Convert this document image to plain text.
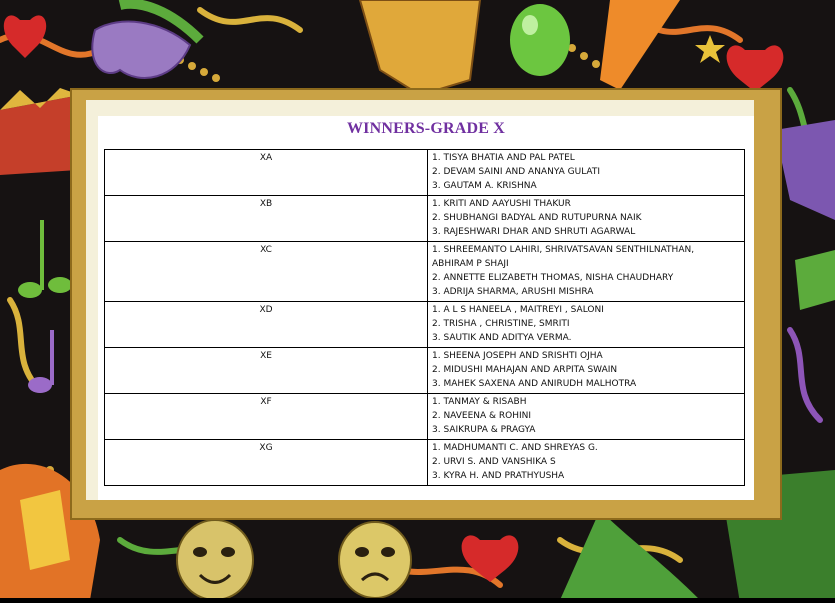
WINNERS-GRADE X
XA	1. TISYA BHATIA AND PAL PATEL
2. DEVAM SAINI AND ANANYA GULATI
3. GAUTAM A. KRISHNA

XB	1. KRITI AND AAYUSHI THAKUR
2. SHUBHANGI BADYAL AND RUTUPURNA NAIK
3. RAJESHWARI DHAR AND SHRUTI AGARWAL

XC	1. SHREEMANTO LAHIRI, SHRIVATSAVAN SENTHILNATHAN,
ABHIRAM P SHAJI
2. ANNETTE ELIZABETH THOMAS, NISHA CHAUDHARY
3. ADRIJA SHARMA, ARUSHI MISHRA

XD	1. A L S HANEELA , MAITREYI , SALONI
2. TRISHA , CHRISTINE, SMRITI
3. SAUTIK AND ADITYA VERMA.

XE	1. SHEENA JOSEPH AND SRISHTI OJHA
2. MIDUSHI MAHAJAN AND ARPITA SWAIN
3. MAHEK SAXENA AND ANIRUDH MALHOTRA

XF	1. TANMAY & RISABH
2. NAVEENA & ROHINI
3. SAIKRUPA & PRAGYA

XG	1. MADHUMANTI C. AND SHREYAS G.
2. URVI S. AND VANSHIKA S
3. KYRA H. AND PRATHYUSHA
